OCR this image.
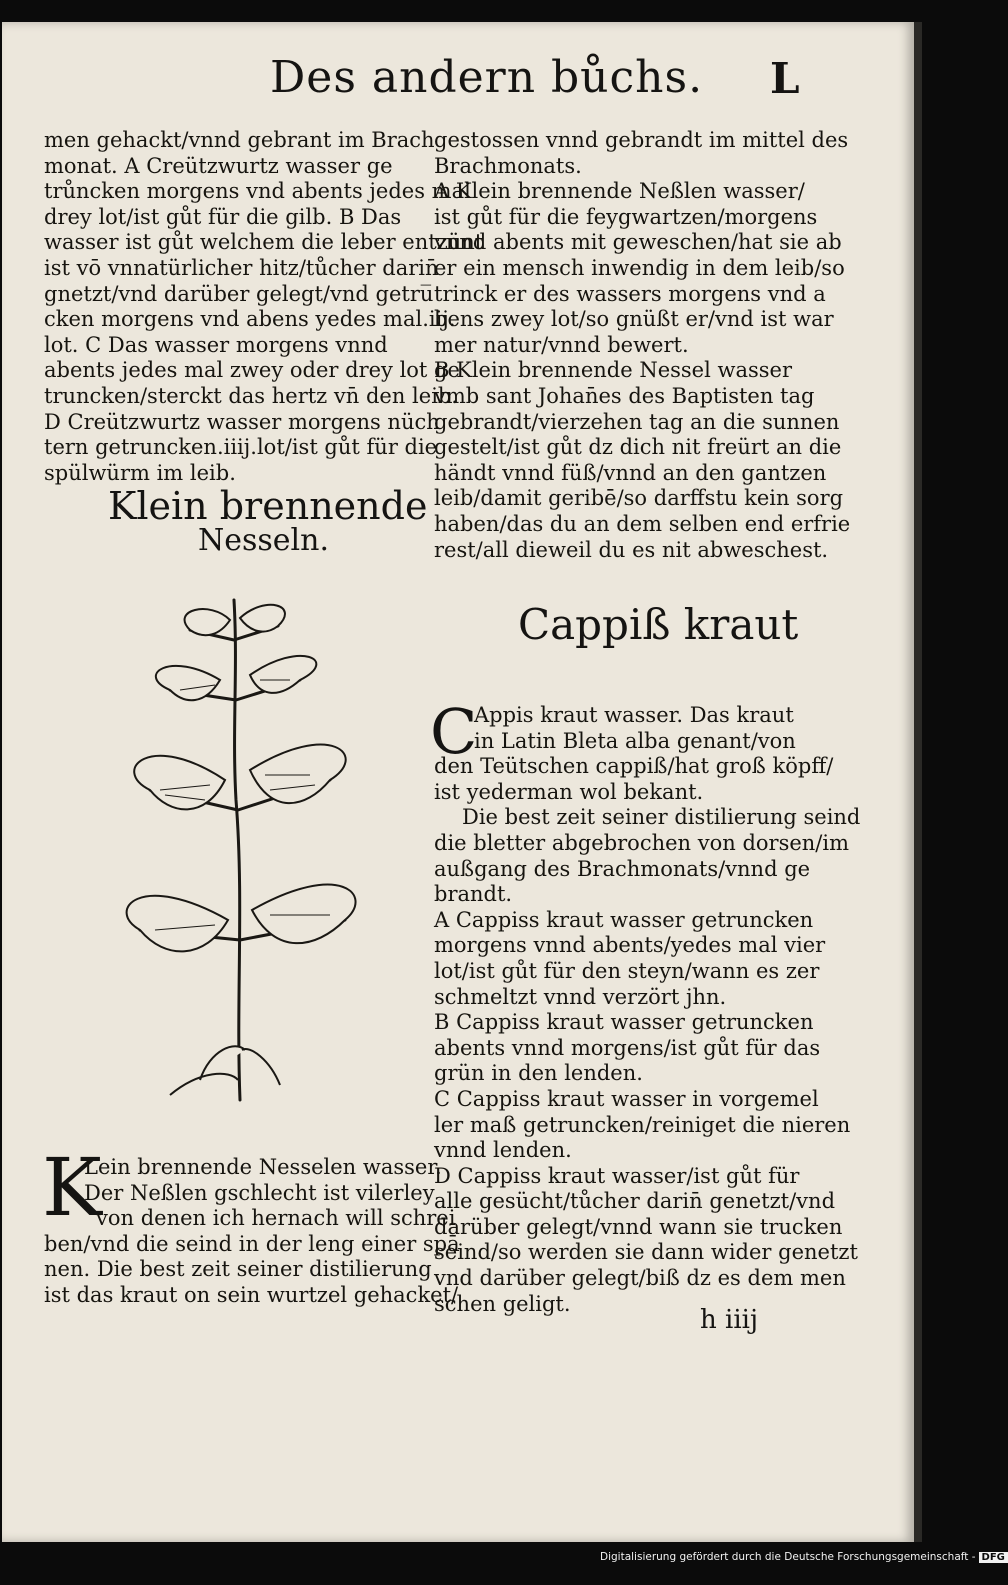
Des andern bůchs. L
men gehackt/vnnd gebrant im Brach
monat. A Creützwurtz wasser ge
trůncken morgens vnd abents jedes mal
drey lot/ist gůt für die gilb. B Das
wasser ist gůt welchem die leber entzünt
ist vō vnnatürlicher hitz/tůcher darin̄
gnetzt/vnd darüber gelegt/vnd getru̅
cken morgens vnd abens yedes mal.iij.
lot. C Das wasser morgens vnnd
abents jedes mal zwey oder drey lot ge
truncken/sterckt das hertz vn̄ den leib.
D Creützwurtz wasser morgens nüch
tern getruncken.iiij.lot/ist gůt für die
spülwürm im leib.
Klein brennende
Nesseln.
gestossen vnnd gebrandt im mittel des
Brachmonats.
A Klein brennende Neßlen wasser/
ist gůt für die feygwartzen/morgens
vnnd abents mit geweschen/hat sie ab
er ein mensch inwendig in dem leib/so
trinck er des wassers morgens vnd a
bens zwey lot/so gnüßt er/vnd ist war
mer natur/vnnd bewert.
B Klein brennende Nessel wasser
vmb sant Johan̄es des Baptisten tag
gebrandt/vierzehen tag an die sunnen
gestelt/ist gůt dz dich nit freürt an die
händt vnnd füß/vnnd an den gantzen
leib/damit geribē/so darffstu kein sorg
haben/das du an dem selben end erfrie
rest/all dieweil du es nit abweschest.
Cappiß kraut
C
Appis kraut wasser. Das kraut
in Latin Bleta alba genant/von
den Teütschen cappiß/hat groß köpff/
ist yederman wol bekant.
Die best zeit seiner distilierung seind
die bletter abgebrochen von dorsen/im
außgang des Brachmonats/vnnd ge
brandt.
A Cappiss kraut wasser getruncken
morgens vnnd abents/yedes mal vier
lot/ist gůt für den steyn/wann es zer
schmeltzt vnnd verzört jhn.
B Cappiss kraut wasser getruncken
abents vnnd morgens/ist gůt für das
grün in den lenden.
C Cappiss kraut wasser in vorgemel
ler maß getruncken/reiniget die nieren
vnnd lenden.
D Cappiss kraut wasser/ist gůt für
alle gesücht/tůcher darin̄ genetzt/vnd
darüber gelegt/vnnd wann sie trucken
seind/so werden sie dann wider genetzt
vnd darüber gelegt/biß dz es dem men
schen geligt.
K
Lein brennende Nesselen wasser.
Der Neßlen gschlecht ist vilerley
von denen ich hernach will schrei
ben/vnd die seind in der leng einer spā
nen. Die best zeit seiner distilierung
ist das kraut on sein wurtzel gehacket/
h iiij
Digitalisierung gefördert durch die Deutsche Forschungsgemeinschaft - DFG
